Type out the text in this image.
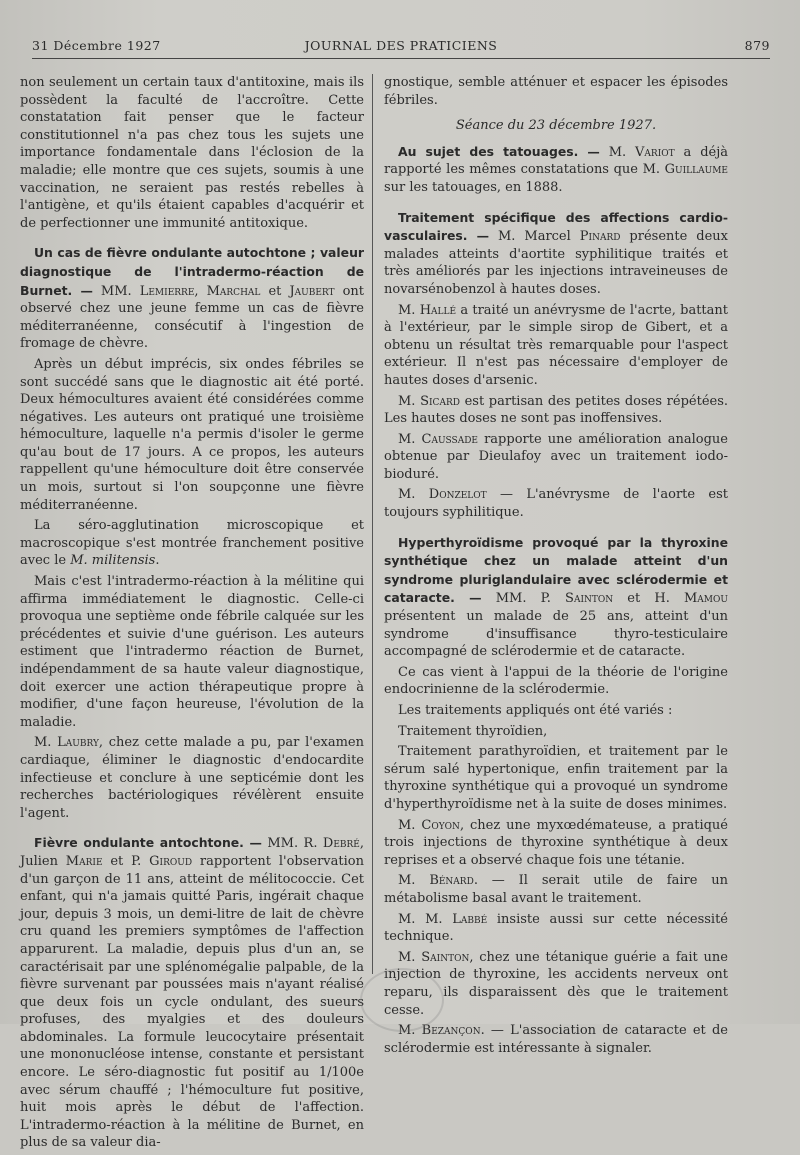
31 Décembre 1927	JOURNAL DES PRATICIENS	879

non seulement un certain taux d'antitoxine, mais ils possèdent la faculté de l'accroître. Cette constatation fait penser que le facteur constitutionnel n'a pas chez tous les sujets une importance fondamentale dans l'éclosion de la maladie; elle montre que ces sujets, soumis à une vaccination, ne seraient pas restés rebelles à l'antigène, et qu'ils étaient capables d'acquérir et de perfectionner une immunité antitoxique.

Un cas de fièvre ondulante autochtone ; valeur diagnostique de l'intradermo-réaction de Burnet. — MM. Lemierre, Marchal et Jaubert ont observé chez une jeune femme un cas de fièvre méditerranéenne, consécutif à l'ingestion de fromage de chèvre.

Après un début imprécis, six ondes fébriles se sont succédé sans que le diagnostic ait été porté. Deux hémocultures avaient été considérées comme négatives. Les auteurs ont pratiqué une troisième hémoculture, laquelle n'a permis d'isoler le germe qu'au bout de 17 jours. A ce propos, les auteurs rappellent qu'une hémoculture doit être conservée un mois, surtout si l'on soupçonne une fièvre méditerranéenne.

La séro-agglutination microscopique et macroscopique s'est montrée franchement positive avec le M. militensis.

Mais c'est l'intradermo-réaction à la mélitine qui affirma immédiatement le diagnostic. Celle-ci provoqua une septième onde fébrile calquée sur les précédentes et suivie d'une guérison. Les auteurs estiment que l'intradermo réaction de Burnet, indépendamment de sa haute valeur diagnostique, doit exercer une action thérapeutique propre à modifier, d'une façon heureuse, l'évolution de la maladie.

M. Laubry, chez cette malade a pu, par l'examen cardiaque, éliminer le diagnostic d'endocardite infectieuse et conclure à une septicémie dont les recherches bactériologiques révélèrent ensuite l'agent.

Fièvre ondulante antochtone. — MM. R. Debré, Julien Marie et P. Giroud rapportent l'observation d'un garçon de 11 ans, atteint de mélitococcie. Cet enfant, qui n'a jamais quitté Paris, ingérait chaque jour, depuis 3 mois, un demi-litre de lait de chèvre cru quand les premiers symptômes de l'affection apparurent. La maladie, depuis plus d'un an, se caractérisait par une splénomégalie palpable, de la fièvre survenant par poussées mais n'ayant réalisé que deux fois un cycle ondulant, des sueurs profuses, des myalgies et des douleurs abdominales. La formule leucocytaire présentait une mononucléose intense, constante et persistant encore. Le séro-diagnostic fut positif au 1/100e avec sérum chauffé ; l'hémoculture fut positive, huit mois après le début de l'affection. L'intradermo-réaction à la mélitine de Burnet, en plus de sa valeur dia-

gnostique, semble atténuer et espacer les épisodes fébriles.

Séance du 23 décembre 1927.

Au sujet des tatouages. — M. Variot a déjà rapporté les mêmes constatations que M. Guillaume sur les tatouages, en 1888.

Traitement spécifique des affections cardio-vasculaires. — M. Marcel Pinard présente deux malades atteints d'aortite syphilitique traités et très améliorés par les injections intraveineuses de novarsénobenzol à hautes doses.

M. Hallé a traité un anévrysme de l'acrte, battant à l'extérieur, par le simple sirop de Gibert, et a obtenu un résultat très remarquable pour l'aspect extérieur. Il n'est pas nécessaire d'employer de hautes doses d'arsenic.

M. Sicard est partisan des petites doses répétées. Les hautes doses ne sont pas inoffensives.

M. Caussade rapporte une amélioration analogue obtenue par Dieulafoy avec un traitement iodo-bioduré.

M. Donzelot — L'anévrysme de l'aorte est toujours syphilitique.

Hyperthyroïdisme provoqué par la thyroxine synthétique chez un malade atteint d'un syndrome pluriglandulaire avec sclérodermie et cataracte. — MM. P. Sainton et H. Mamou présentent un malade de 25 ans, atteint d'un syndrome d'insuffisance thyro-testiculaire accompagné de sclérodermie et de cataracte.

Ce cas vient à l'appui de la théorie de l'origine endocrinienne de la sclérodermie.

Les traitements appliqués ont été variés :

Traitement thyroïdien,

Traitement parathyroïdien, et traitement par le sérum salé hypertonique, enfin traitement par la thyroxine synthétique qui a provoqué un syndrome d'hyperthyroïdisme net à la suite de doses minimes.

M. Coyon, chez une myxœdémateuse, a pratiqué trois injections de thyroxine synthétique à deux reprises et a observé chaque fois une tétanie.

M. Bénard. — Il serait utile de faire un métabolisme basal avant le traitement.

M. M. Labbé insiste aussi sur cette nécessité technique.

M. Sainton, chez une tétanique guérie a fait une injection de thyroxine, les accidents nerveux ont reparu, ils disparaissent dès que le traitement cesse.

M. Bezançon. — L'association de cataracte et de sclérodermie est intéressante à signaler.
